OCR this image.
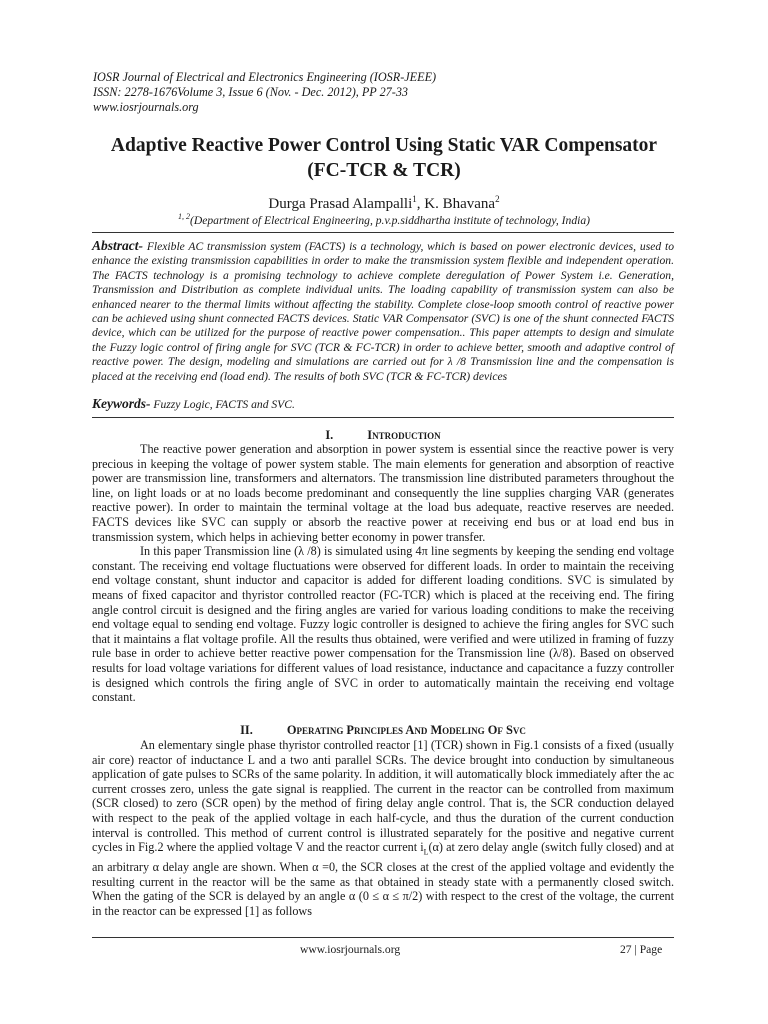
IOSR Journal of Electrical and Electronics Engineering (IOSR-JEEE)
ISSN: 2278-1676Volume 3, Issue 6 (Nov. - Dec. 2012), PP 27-33
www.iosrjournals.org
Adaptive Reactive Power Control Using Static VAR Compensator
(FC-TCR & TCR)
Durga Prasad Alampalli$^1$, K. Bhavana$^2$
$^{1, 2}$(Department of Electrical Engineering, p.v.p.siddhartha institute of technology, India)
Abstract- Flexible AC transmission system (FACTS) is a technology, which is based on power electronic devices, used to enhance the existing transmission capabilities in order to make the transmission system flexible and independent operation. The FACTS technology is a promising technology to achieve complete deregulation of Power System i.e. Generation, Transmission and Distribution as complete individual units. The loading capability of transmission system can also be enhanced nearer to the thermal limits without affecting the stability. Complete close-loop smooth control of reactive power can be achieved using shunt connected FACTS devices. Static VAR Compensator (SVC) is one of the shunt connected FACTS device, which can be utilized for the purpose of reactive power compensation.. This paper attempts to design and simulate the Fuzzy logic control of firing angle for SVC (TCR & FC-TCR) in order to achieve better, smooth and adaptive control of reactive power. The design, modeling and simulations are carried out for λ /8 Transmission line and the compensation is placed at the receiving end (load end). The results of both SVC (TCR & FC-TCR) devices
Keywords- Fuzzy Logic, FACTS and SVC.
I.	Introduction

The reactive power generation and absorption in power system is essential since the reactive power is very precious in keeping the voltage of power system stable. The main elements for generation and absorption of reactive power are transmission line, transformers and alternators. The transmission line distributed parameters throughout the line, on light loads or at no loads become predominant and consequently the line supplies charging VAR (generates reactive power). In order to maintain the terminal voltage at the load bus adequate, reactive reserves are needed. FACTS devices like SVC can supply or absorb the reactive power at receiving end bus or at load end bus in transmission system, which helps in achieving better economy in power transfer.

In this paper Transmission line (λ /8) is simulated using 4π line segments by keeping the sending end voltage constant. The receiving end voltage fluctuations were observed for different loads. In order to maintain the receiving end voltage constant, shunt inductor and capacitor is added for different loading conditions. SVC is simulated by means of fixed capacitor and thyristor controlled reactor (FC-TCR) which is placed at the receiving end. The firing angle control circuit is designed and the firing angles are varied for various loading conditions to make the receiving end voltage equal to sending end voltage. Fuzzy logic controller is designed to achieve the firing angles for SVC such that it maintains a flat voltage profile. All the results thus obtained, were verified and were utilized in framing of fuzzy rule base in order to achieve better reactive power compensation for the Transmission line (λ/8). Based on observed results for load voltage variations for different values of load resistance, inductance and capacitance a fuzzy controller is designed which controls the firing angle of SVC in order to automatically maintain the receiving end voltage constant.

II.	Operating Principles And Modeling Of Svc

An elementary single phase thyristor controlled reactor [1] (TCR) shown in Fig.1 consists of a fixed (usually air core) reactor of inductance L and a two anti parallel SCRs. The device brought into conduction by simultaneous application of gate pulses to SCRs of the same polarity. In addition, it will automatically block immediately after the ac current crosses zero, unless the gate signal is reapplied. The current in the reactor can be controlled from maximum (SCR closed) to zero (SCR open) by the method of firing delay angle control. That is, the SCR conduction delayed with respect to the peak of the applied voltage in each half-cycle, and thus the duration of the current conduction interval is controlled. This method of current control is illustrated separately for the positive and negative current cycles in Fig.2 where the applied voltage V and the reactor current $i_L(\alpha)$ at zero delay angle (switch fully closed) and at an arbitrary α delay angle are shown. When α =0, the SCR closes at the crest of the applied voltage and evidently the resulting current in the reactor will be the same as that obtained in steady state with a permanently closed switch. When the gating of the SCR is delayed by an angle α (0 ≤ α ≤ π/2) with respect to the crest of the voltage, the current in the reactor can be expressed [1] as follows

www.iosrjournals.org	27 | Page
